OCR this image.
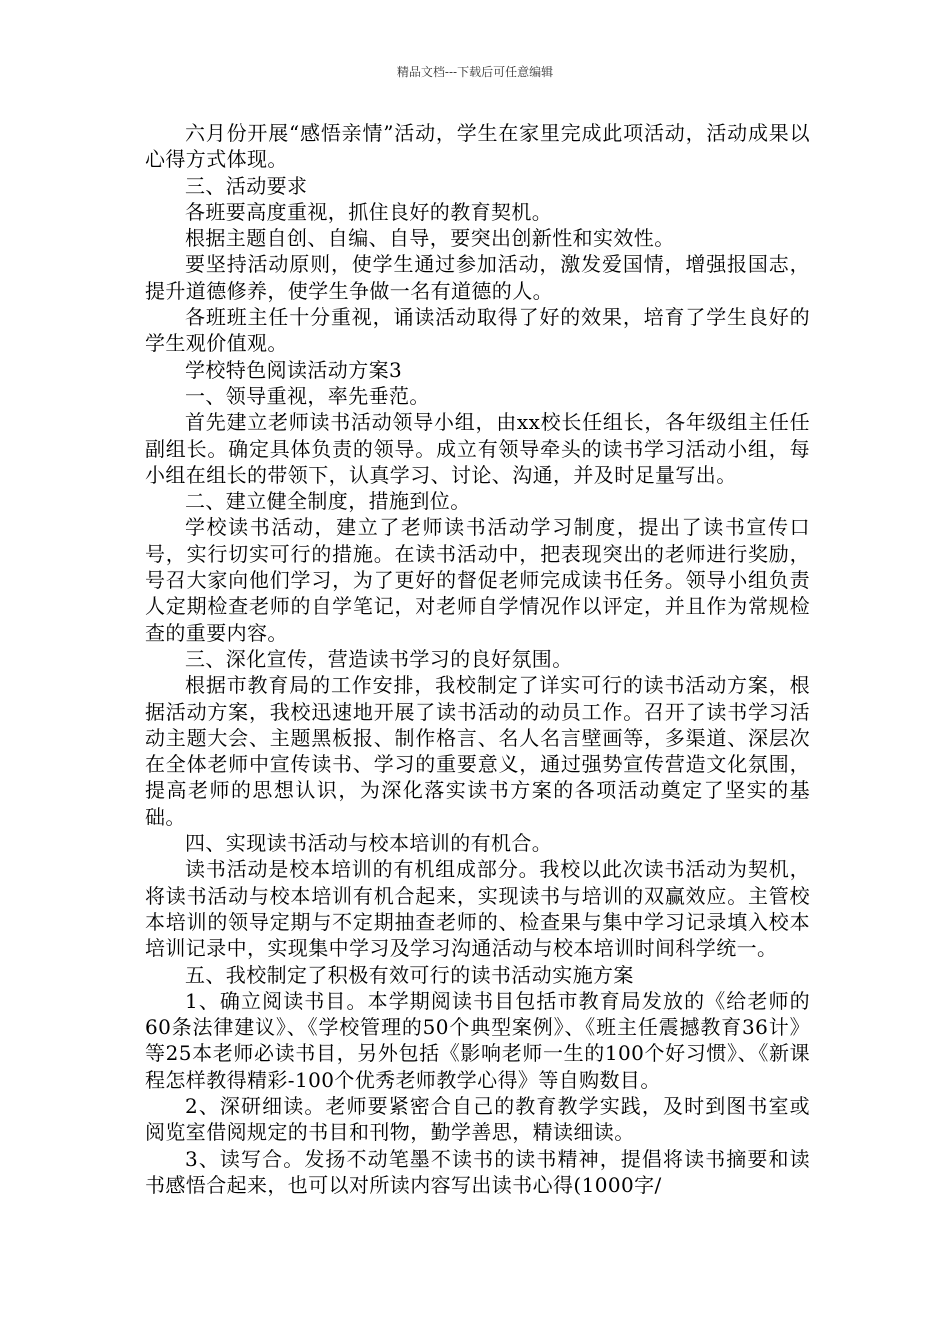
精品文档---下载后可任意编辑

六月份开展“感悟亲情”活动，学生在家里完成此项活动，活动成果以心得方式体现。

三、活动要求

各班要高度重视，抓住良好的教育契机。

根据主题自创、自编、自导，要突出创新性和实效性。

要坚持活动原则，使学生通过参加活动，激发爱国情，增强报国志，提升道德修养，使学生争做一名有道德的人。

各班班主任十分重视，诵读活动取得了好的效果，培育了学生良好的学生观价值观。

学校特色阅读活动方案3

一、领导重视，率先垂范。

首先建立老师读书活动领导小组，由xx校长任组长，各年级组主任任副组长。确定具体负责的领导。成立有领导牵头的读书学习活动小组，每小组在组长的带领下，认真学习、讨论、沟通，并及时足量写出。

二、建立健全制度，措施到位。

学校读书活动，建立了老师读书活动学习制度，提出了读书宣传口号，实行切实可行的措施。在读书活动中，把表现突出的老师进行奖励，号召大家向他们学习，为了更好的督促老师完成读书任务。领导小组负责人定期检查老师的自学笔记，对老师自学情况作以评定，并且作为常规检查的重要内容。

三、深化宣传，营造读书学习的良好氛围。

根据市教育局的工作安排，我校制定了详实可行的读书活动方案，根据活动方案，我校迅速地开展了读书活动的动员工作。召开了读书学习活动主题大会、主题黑板报、制作格言、名人名言壁画等，多渠道、深层次在全体老师中宣传读书、学习的重要意义，通过强势宣传营造文化氛围，提高老师的思想认识，为深化落实读书方案的各项活动奠定了坚实的基础。

四、实现读书活动与校本培训的有机合。

读书活动是校本培训的有机组成部分。我校以此次读书活动为契机，将读书活动与校本培训有机合起来，实现读书与培训的双赢效应。主管校本培训的领导定期与不定期抽查老师的、检查果与集中学习记录填入校本培训记录中，实现集中学习及学习沟通活动与校本培训时间科学统一。

五、我校制定了积极有效可行的读书活动实施方案

1、确立阅读书目。本学期阅读书目包括市教育局发放的《给老师的60条法律建议》、《学校管理的50个典型案例》、《班主任震撼教育36计》等25本老师必读书目，另外包括《影响老师一生的100个好习惯》、《新课程怎样教得精彩-100个优秀老师教学心得》等自购数目。

2、深研细读。老师要紧密合自己的教育教学实践，及时到图书室或阅览室借阅规定的书目和刊物，勤学善思，精读细读。

3、读写合。发扬不动笔墨不读书的读书精神，提倡将读书摘要和读书感悟合起来，也可以对所读内容写出读书心得(1000字/
